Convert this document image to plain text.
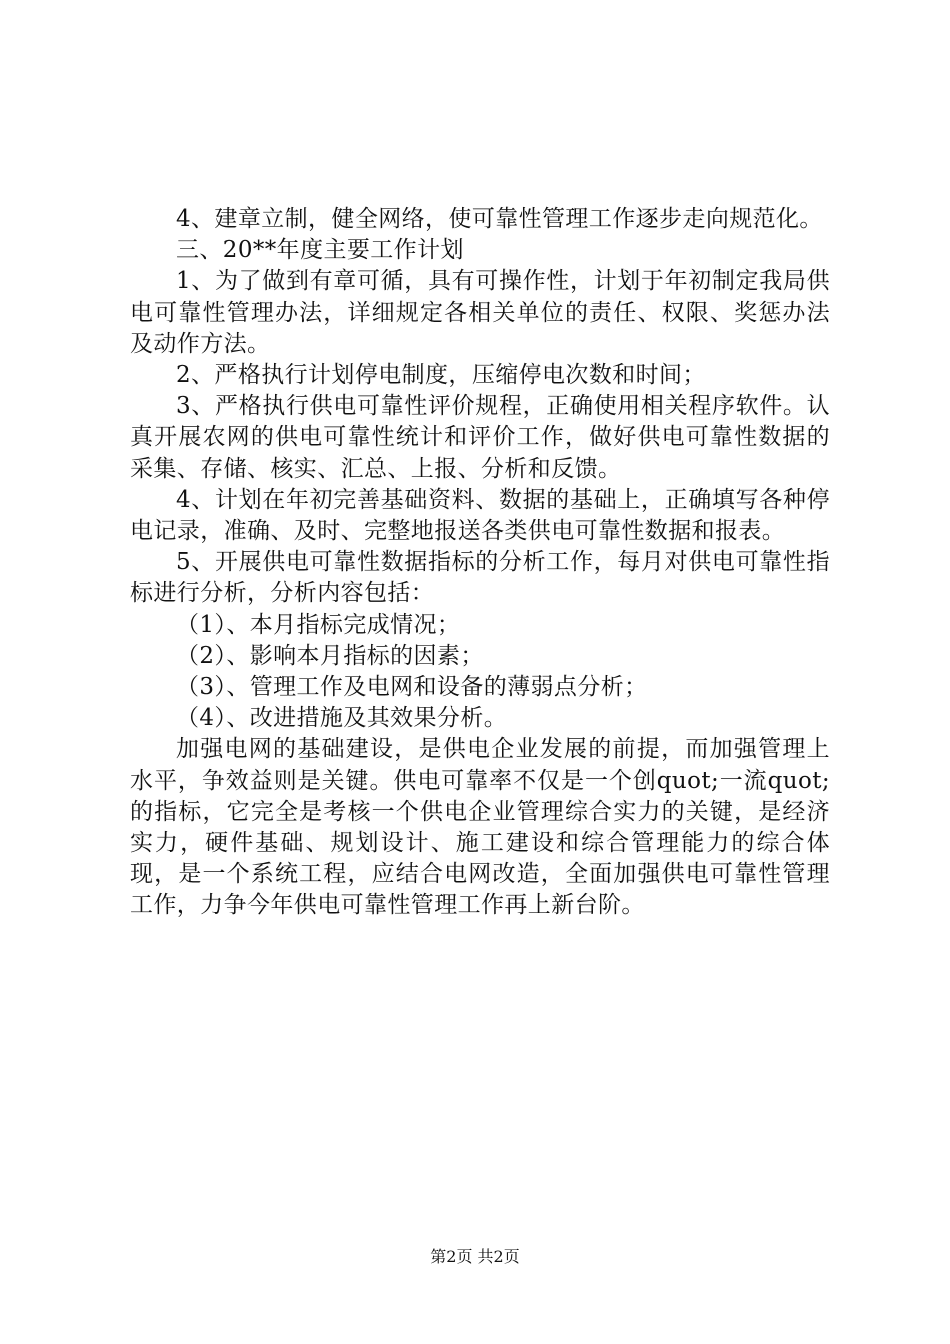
4、建章立制，健全网络，使可靠性管理工作逐步走向规范化。

三、20**年度主要工作计划

1、为了做到有章可循，具有可操作性，计划于年初制定我局供电可靠性管理办法，详细规定各相关单位的责任、权限、奖惩办法及动作方法。

2、严格执行计划停电制度，压缩停电次数和时间；

3、严格执行供电可靠性评价规程，正确使用相关程序软件。认真开展农网的供电可靠性统计和评价工作，做好供电可靠性数据的采集、存储、核实、汇总、上报、分析和反馈。

4、计划在年初完善基础资料、数据的基础上，正确填写各种停电记录，准确、及时、完整地报送各类供电可靠性数据和报表。

5、开展供电可靠性数据指标的分析工作，每月对供电可靠性指标进行分析，分析内容包括：

（1）、本月指标完成情况；

（2）、影响本月指标的因素；

（3）、管理工作及电网和设备的薄弱点分析；

（4）、改进措施及其效果分析。

加强电网的基础建设，是供电企业发展的前提，而加强管理上水平，争效益则是关键。供电可靠率不仅是一个创quot;一流quot;的指标，它完全是考核一个供电企业管理综合实力的关键，是经济实力，硬件基础、规划设计、施工建设和综合管理能力的综合体现，是一个系统工程，应结合电网改造，全面加强供电可靠性管理工作，力争今年供电可靠性管理工作再上新台阶。

第2页 共2页
